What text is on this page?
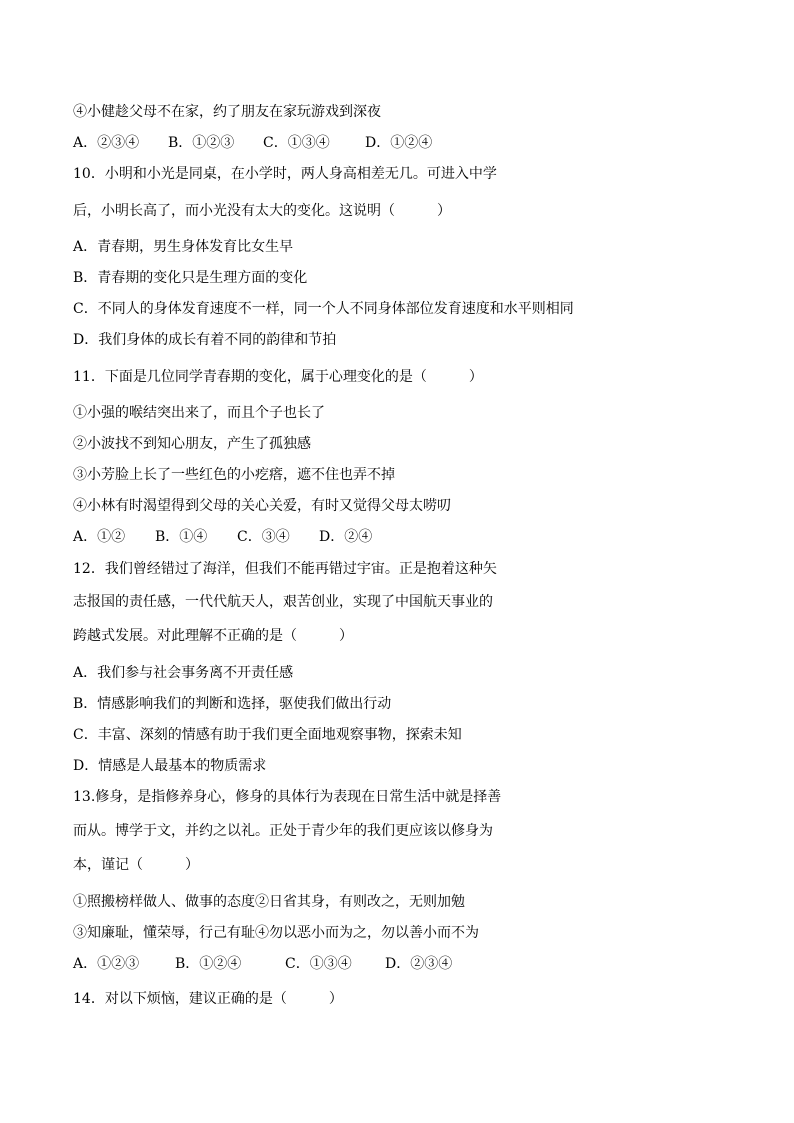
④小健趁父母不在家，约了朋友在家玩游戏到深夜
A．②③④ B．①②③ C．①③④	D．①②④
10．小明和小光是同桌，在小学时，两人身高相差无几。可进入中学
后，小明长高了，而小光没有太大的变化。这说明（　　　）
A．青春期，男生身体发育比女生早
B．青春期的变化只是生理方面的变化
C．不同人的身体发育速度不一样，同一个人不同身体部位发育速度和水平则相同
D．我们身体的成长有着不同的韵律和节拍
11．下面是几位同学青春期的变化，属于心理变化的是（　　　）
①小强的喉结突出来了，而且个子也长了
②小波找不到知心朋友，产生了孤独感
③小芳脸上长了一些红色的小疙瘩，遮不住也弄不掉
④小林有时渴望得到父母的关心关爱，有时又觉得父母太唠叨
A．①② B．①④ C．③④ D．②④
12．我们曾经错过了海洋，但我们不能再错过宇宙。正是抱着这种矢
志报国的责任感，一代代航天人，艰苦创业，实现了中国航天事业的
跨越式发展。对此理解不正确的是（　　　）
A．我们参与社会事务离不开责任感
B．情感影响我们的判断和选择，驱使我们做出行动
C．丰富、深刻的情感有助于我们更全面地观察事物，探索未知
D．情感是人最基本的物质需求
13.修身，是指修养身心，修身的具体行为表现在日常生活中就是择善
而从。博学于文，并约之以礼。正处于青少年的我们更应该以修身为
本，谨记（　　　）
①照搬榜样做人、做事的态度②日省其身，有则改之，无则加勉
③知廉耻，懂荣辱，行己有耻④勿以恶小而为之，勿以善小而不为
A．①②③	B．①②④	C．①③④ D．②③④
14．对以下烦恼，建议正确的是（　　　）
